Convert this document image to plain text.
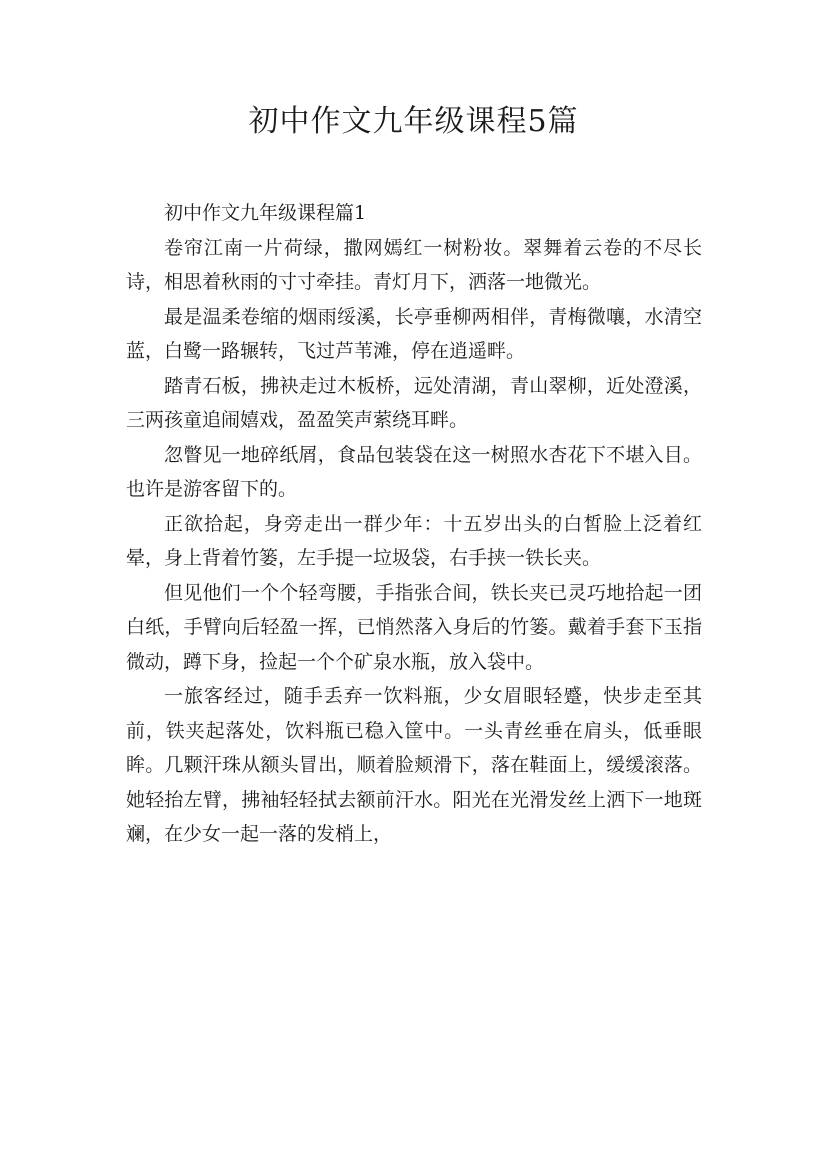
初中作文九年级课程5篇

初中作文九年级课程篇1

卷帘江南一片荷绿，撒网嫣红一树粉妆。翠舞着云卷的不尽长诗，相思着秋雨的寸寸牵挂。青灯月下，洒落一地微光。

最是温柔卷缩的烟雨绥溪，长亭垂柳两相伴，青梅微嚷，水清空蓝，白鹭一路辗转，飞过芦苇滩，停在逍遥畔。

踏青石板，拂袂走过木板桥，远处清湖，青山翠柳，近处澄溪，三两孩童追闹嬉戏，盈盈笑声萦绕耳畔。

忽瞥见一地碎纸屑，食品包装袋在这一树照水杏花下不堪入目。也许是游客留下的。

正欲拾起，身旁走出一群少年：十五岁出头的白皙脸上泛着红晕，身上背着竹篓，左手提一垃圾袋，右手挟一铁长夹。

但见他们一个个轻弯腰，手指张合间，铁长夹已灵巧地拾起一团白纸，手臂向后轻盈一挥，已悄然落入身后的竹篓。戴着手套下玉指微动，蹲下身，捡起一个个矿泉水瓶，放入袋中。

一旅客经过，随手丢弃一饮料瓶，少女眉眼轻蹙，快步走至其前，铁夹起落处，饮料瓶已稳入筐中。一头青丝垂在肩头，低垂眼眸。几颗汗珠从额头冒出，顺着脸颊滑下，落在鞋面上，缓缓滚落。她轻抬左臂，拂袖轻轻拭去额前汗水。阳光在光滑发丝上洒下一地斑斓，在少女一起一落的发梢上，
